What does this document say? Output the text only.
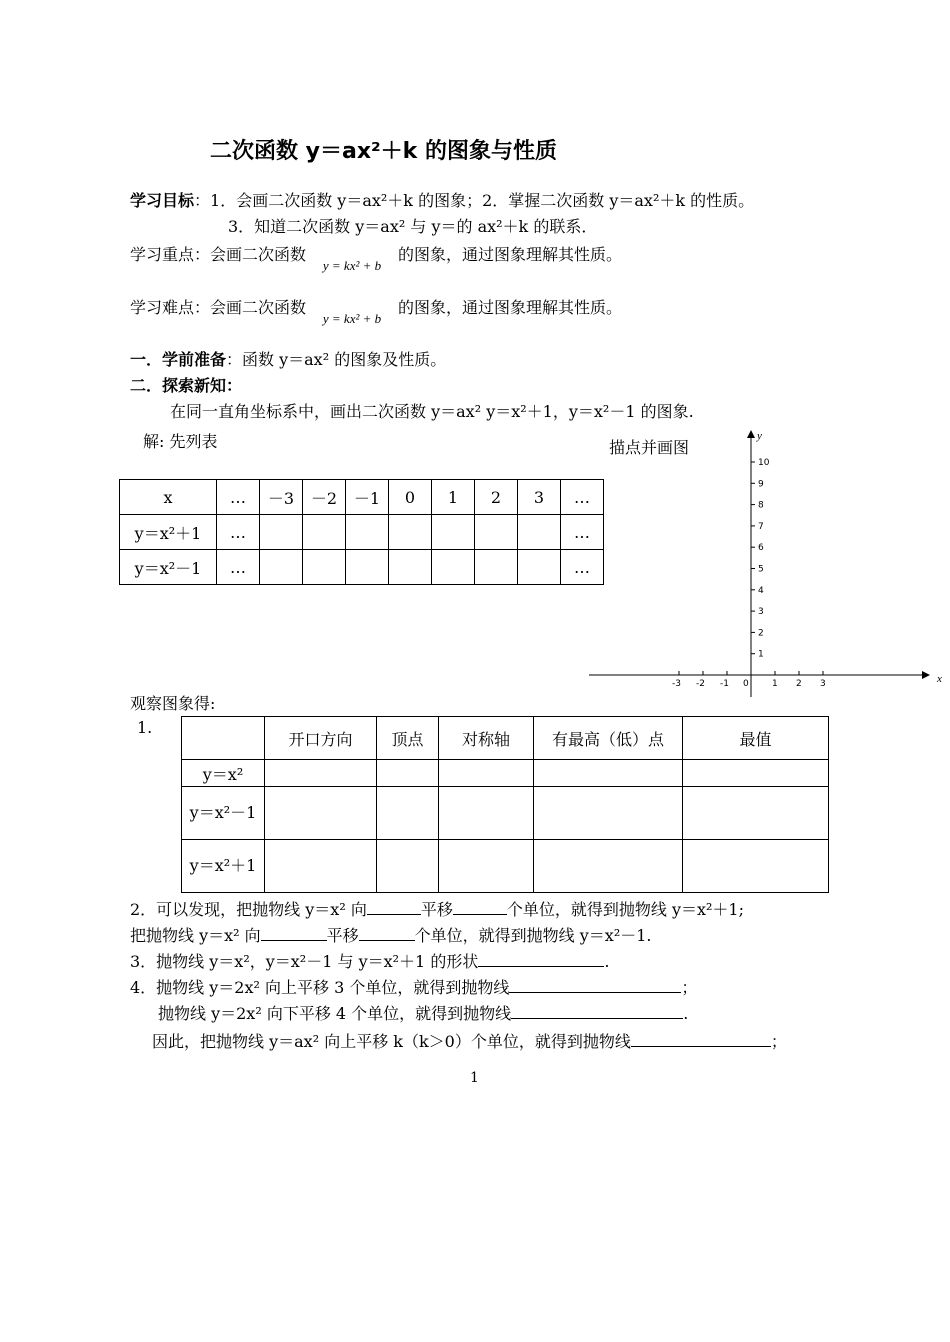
二次函数 y＝ax²＋k 的图象与性质
学习目标：1．会画二次函数 y＝ax²＋k 的图象；2．掌握二次函数 y＝ax²＋k 的性质。
3．知道二次函数 y＝ax² 与 y＝的 ax²＋k 的联系．
学习重点：会画二次函数y = kx² + b的图象，通过图象理解其性质。
学习难点：会画二次函数y = kx² + b的图象，通过图象理解其性质。
一．学前准备：函数 y＝ax² 的图象及性质。
二．探索新知：
在同一直角坐标系中，画出二次函数 y＝ax² y＝x²＋1，y＝x²－1 的图象.
解: 先列表	描点并画图
x	…	－3	－2	－1	0	1	2	3	…
y＝x²＋1	…								…
y＝x²－1	…								…
y
x
0
1
2
3
4
5
6
7
8
9
10
-3 -2 -1	1 2 3
观察图象得:
1.
	开口方向	顶点	对称轴	有最高（低）点	最值
y＝x²					
y＝x²－1					
y＝x²＋1					
2．可以发现，把抛物线 y＝x² 向	平移	个单位，就得到抛物线 y＝x²＋1;
把抛物线 y＝x² 向	平移	个单位，就得到抛物线 y＝x²－1.
3．抛物线 y＝x²，y＝x²－1 与 y＝x²＋1 的形状	.
4．抛物线 y＝2x² 向上平移 3 个单位，就得到抛物线	；
抛物线 y＝2x² 向下平移 4 个单位，就得到抛物线	.
因此，把抛物线 y＝ax² 向上平移 k（k＞0）个单位，就得到抛物线	；
1
